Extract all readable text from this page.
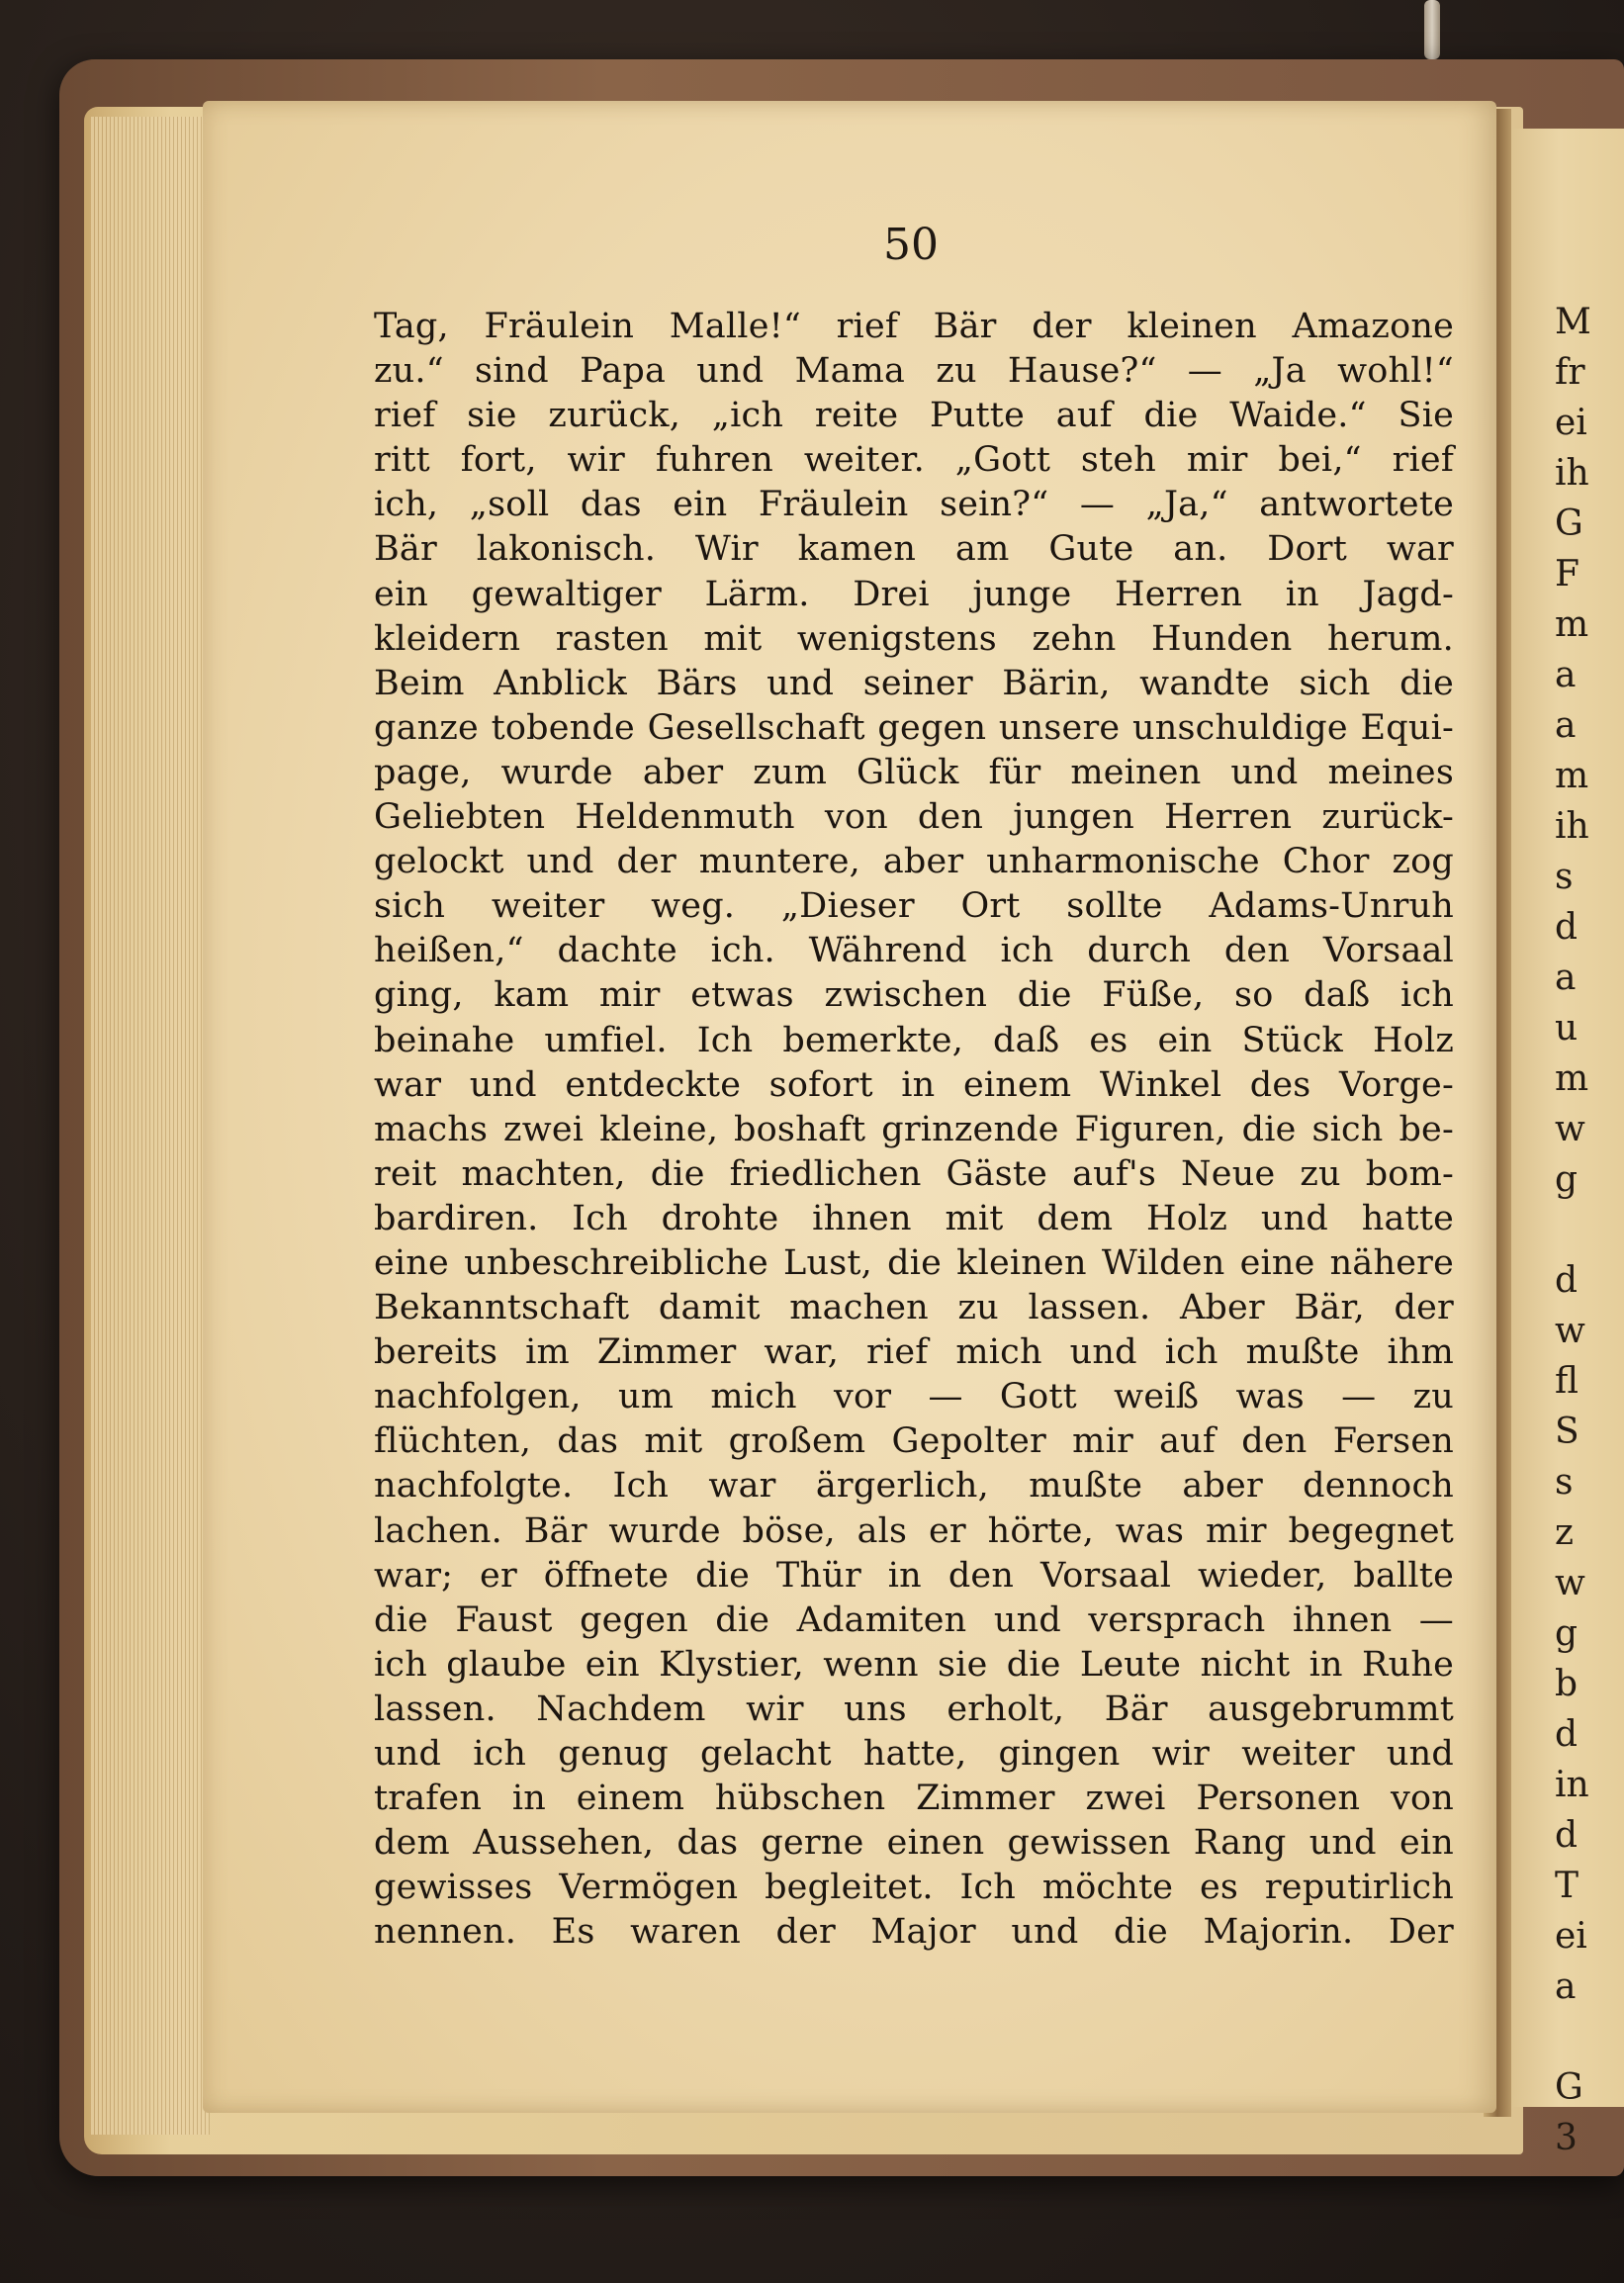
50
Tag, Fräulein Malle!“ rief Bär der kleinen Amazone
zu.“ sind Papa und Mama zu Hause?“ — „Ja wohl!“
rief sie zurück, „ich reite Putte auf die Waide.“ Sie
ritt fort, wir fuhren weiter. „Gott steh mir bei,“ rief
ich, „soll das ein Fräulein sein?“ — „Ja,“ antwortete
Bär lakonisch. Wir kamen am Gute an. Dort war
ein gewaltiger Lärm. Drei junge Herren in Jagd-
kleidern rasten mit wenigstens zehn Hunden herum.
Beim Anblick Bärs und seiner Bärin, wandte sich die
ganze tobende Gesellschaft gegen unsere unschuldige Equi-
page, wurde aber zum Glück für meinen und meines
Geliebten Heldenmuth von den jungen Herren zurück-
gelockt und der muntere, aber unharmonische Chor zog
sich weiter weg. „Dieser Ort sollte Adams-Unruh
heißen,“ dachte ich. Während ich durch den Vorsaal
ging, kam mir etwas zwischen die Füße, so daß ich
beinahe umfiel. Ich bemerkte, daß es ein Stück Holz
war und entdeckte sofort in einem Winkel des Vorge-
machs zwei kleine, boshaft grinzende Figuren, die sich be-
reit machten, die friedlichen Gäste auf's Neue zu bom-
bardiren. Ich drohte ihnen mit dem Holz und hatte
eine unbeschreibliche Lust, die kleinen Wilden eine nähere
Bekanntschaft damit machen zu lassen. Aber Bär, der
bereits im Zimmer war, rief mich und ich mußte ihm
nachfolgen, um mich vor — Gott weiß was — zu
flüchten, das mit großem Gepolter mir auf den Fersen
nachfolgte. Ich war ärgerlich, mußte aber dennoch
lachen. Bär wurde böse, als er hörte, was mir begegnet
war; er öffnete die Thür in den Vorsaal wieder, ballte
die Faust gegen die Adamiten und versprach ihnen —
ich glaube ein Klystier, wenn sie die Leute nicht in Ruhe
lassen. Nachdem wir uns erholt, Bär ausgebrummt
und ich genug gelacht hatte, gingen wir weiter und
trafen in einem hübschen Zimmer zwei Personen von
dem Aussehen, das gerne einen gewissen Rang und ein
gewisses Vermögen begleitet. Ich möchte es reputirlich
nennen. Es waren der Major und die Majorin. Der
M
fr
ei
ih
G
F
m
a
a
m
ih
s
d
a
u
m
w
g

d
w
fl
S
s
z
w
g
b
d
in
d
T
ei
a

G
3
